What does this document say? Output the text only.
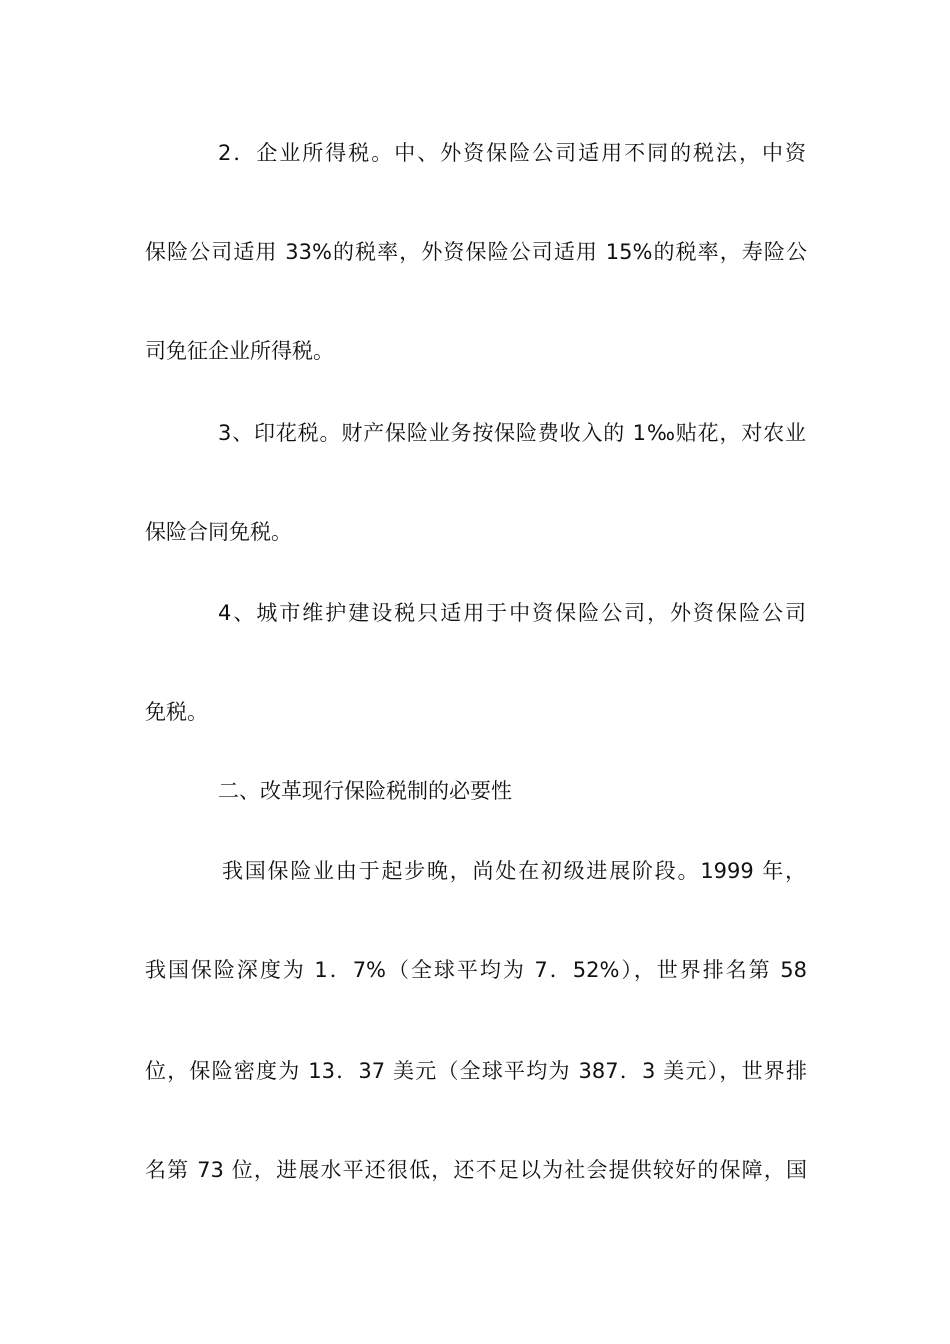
2．企业所得税。中、外资保险公司适用不同的税法，中资

保险公司适用 33%的税率，外资保险公司适用 15%的税率，寿险公

司免征企业所得税。

3、印花税。财产保险业务按保险费收入的 1‰贴花，对农业

保险合同免税。

4、城市维护建设税只适用于中资保险公司，外资保险公司

免税。

二、改革现行保险税制的必要性

我国保险业由于起步晚，尚处在初级进展阶段。1999 年，

我国保险深度为 1．7%（全球平均为 7．52%），世界排名第 58

位，保险密度为 13．37 美元（全球平均为 387．3 美元），世界排

名第 73 位，进展水平还很低，还不足以为社会提供较好的保障，国
